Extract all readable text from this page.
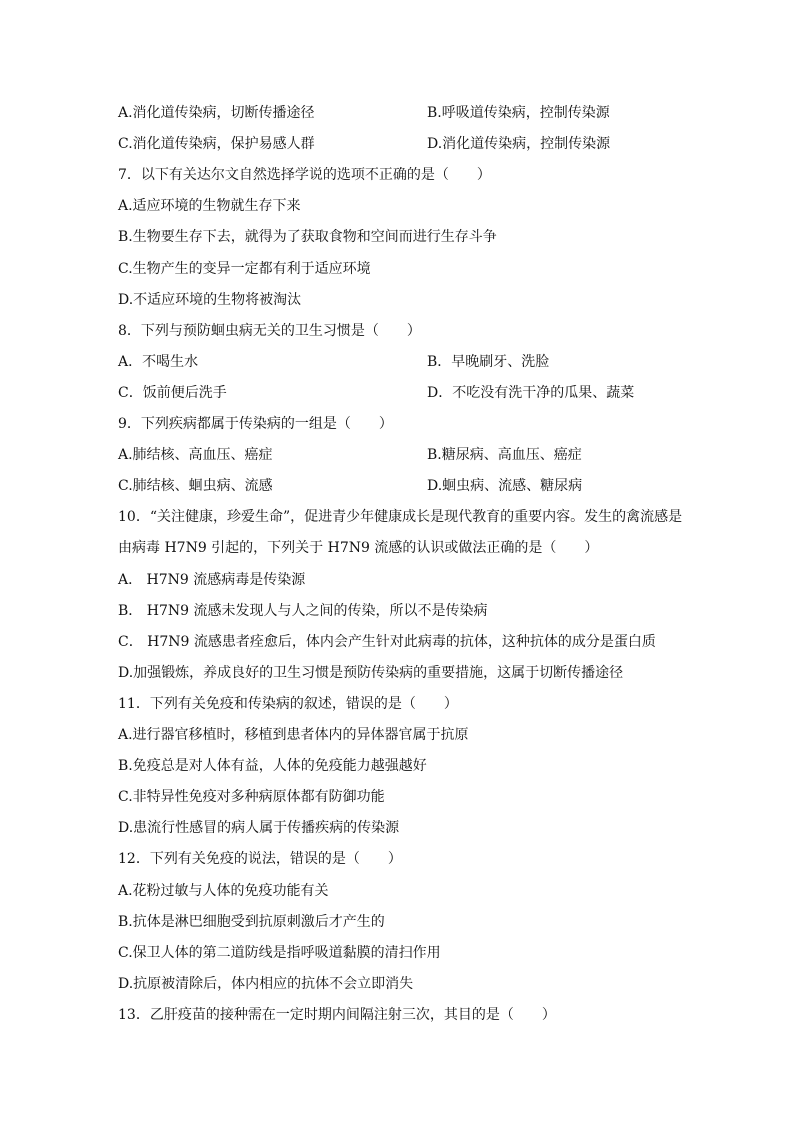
A.消化道传染病，切断传播途径	B.呼吸道传染病，控制传染源
C.消化道传染病，保护易感人群	D.消化道传染病，控制传染源
7．以下有关达尔文自然选择学说的选项不正确的是（　　）
A.适应环境的生物就生存下来
B.生物要生存下去，就得为了获取食物和空间而进行生存斗争
C.生物产生的变异一定都有利于适应环境
D.不适应环境的生物将被淘汰
8．下列与预防蛔虫病无关的卫生习惯是（　　）
A．不喝生水	B．早晚刷牙、洗脸
C．饭前便后洗手	D．不吃没有洗干净的瓜果、蔬菜
9．下列疾病都属于传染病的一组是（　　）
A.肺结核、高血压、癌症	B.糖尿病、高血压、癌症
C.肺结核、蛔虫病、流感	D.蛔虫病、流感、糖尿病
10．“关注健康，珍爱生命”，促进青少年健康成长是现代教育的重要内容。发生的禽流感是
由病毒 H7N9 引起的，下列关于 H7N9 流感的认识或做法正确的是（　　）
A． H7N9 流感病毒是传染源
B． H7N9 流感未发现人与人之间的传染，所以不是传染病
C． H7N9 流感患者痊愈后，体内会产生针对此病毒的抗体，这种抗体的成分是蛋白质
D.加强锻炼，养成良好的卫生习惯是预防传染病的重要措施，这属于切断传播途径
11．下列有关免疫和传染病的叙述，错误的是（　　）
A.进行器官移植时，移植到患者体内的异体器官属于抗原
B.免疫总是对人体有益，人体的免疫能力越强越好
C.非特异性免疫对多种病原体都有防御功能
D.患流行性感冒的病人属于传播疾病的传染源
12．下列有关免疫的说法，错误的是（　　）
A.花粉过敏与人体的免疫功能有关
B.抗体是淋巴细胞受到抗原刺激后才产生的
C.保卫人体的第二道防线是指呼吸道黏膜的清扫作用
D.抗原被清除后，体内相应的抗体不会立即消失
13．乙肝疫苗的接种需在一定时期内间隔注射三次，其目的是（　　）
